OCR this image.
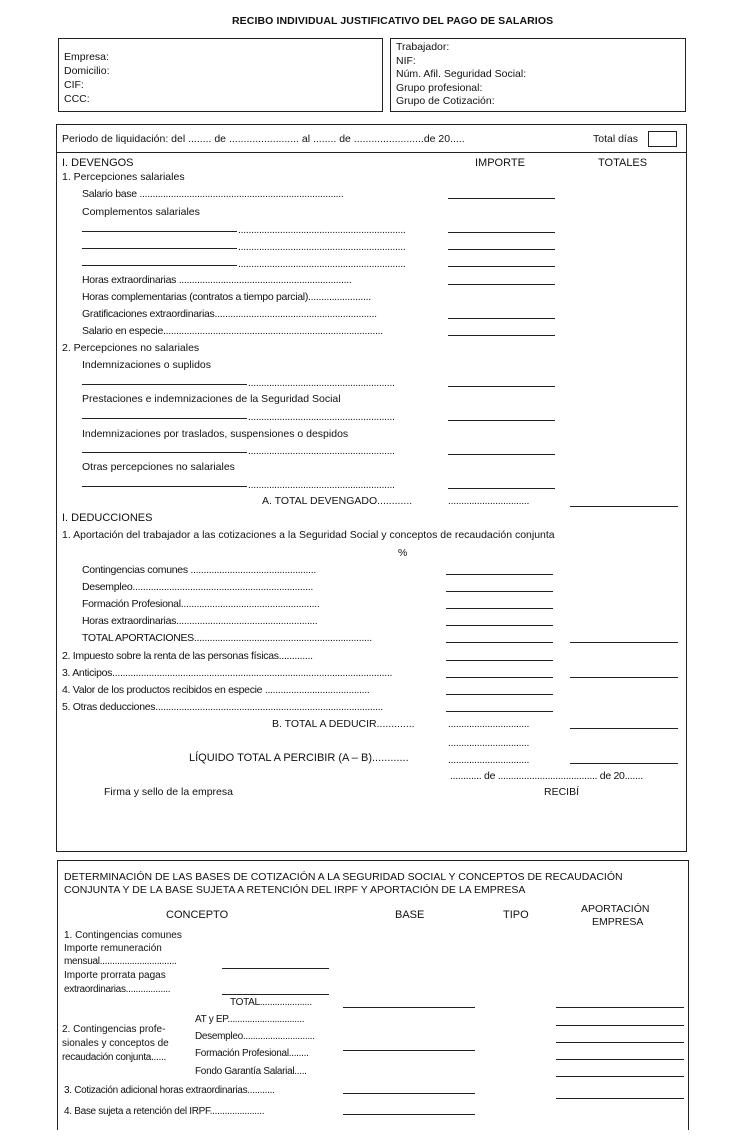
RECIBO INDIVIDUAL JUSTIFICATIVO DEL PAGO DE SALARIOS
Empresa:
Domicilio:
CIF:
CCC:
Trabajador:
NIF:
Núm. Afil. Seguridad Social:
Grupo profesional:
Grupo de Cotización:
Periodo de liquidación: del ........ de ........................ al ........ de ........................de 20.....	Total días
I. DEVENGOS	IMPORTE	TOTALES
1. Percepciones salariales
Salario base ..............................................................................
Complementos salariales
................................................................
................................................................
................................................................
Horas extraordinarias ..................................................................
Horas complementarias (contratos a tiempo parcial)........................
Gratificaciones extraordinarias..............................................................
Salario en especie....................................................................................
2. Percepciones no salariales
Indemnizaciones o suplidos
........................................................
Prestaciones e indemnizaciones de la Seguridad Social
........................................................
Indemnizaciones por traslados, suspensiones o despidos
........................................................
Otras percepciones no salariales
........................................................
A. TOTAL DEVENGADO............	...............................
I. DEDUCCIONES
1. Aportación del trabajador a las cotizaciones a la Seguridad Social y conceptos de recaudación conjunta
%
Contingencias comunes ................................................
Desempleo.....................................................................
Formación Profesional.....................................................
Horas extraordinarias......................................................
TOTAL APORTACIONES....................................................................
2. Impuesto sobre la renta de las personas físicas.............
3. Anticipos...........................................................................................................
4. Valor de los productos recibidos en especie ........................................
5. Otras deducciones.......................................................................................
B. TOTAL A DEDUCIR.............	...............................
...............................
LÍQUIDO TOTAL A PERCIBIR (A – B)............	...............................
............ de ...................................... de 20.......
Firma y sello de la empresa	RECIBÍ
DETERMINACIÓN DE LAS BASES DE COTIZACIÓN A LA SEGURIDAD SOCIAL Y CONCEPTOS DE RECAUDACIÓN
CONJUNTA Y DE LA BASE SUJETA A RETENCIÓN DEL IRPF Y APORTACIÓN DE LA EMPRESA
CONCEPTO	BASE	TIPO	APORTACIÓN
EMPRESA
1. Contingencias comunes
Importe remuneración
mensual...............................
Importe prorrata pagas
extraordinarias..................
TOTAL.....................
AT y EP...............................
2. Contingencias profe-
sionales y conceptos de
recaudación conjunta......
Desempleo.............................
Formación Profesional........
Fondo Garantía Salarial.....
3. Cotización adicional horas extraordinarias...........
4. Base sujeta a retención del IRPF......................
